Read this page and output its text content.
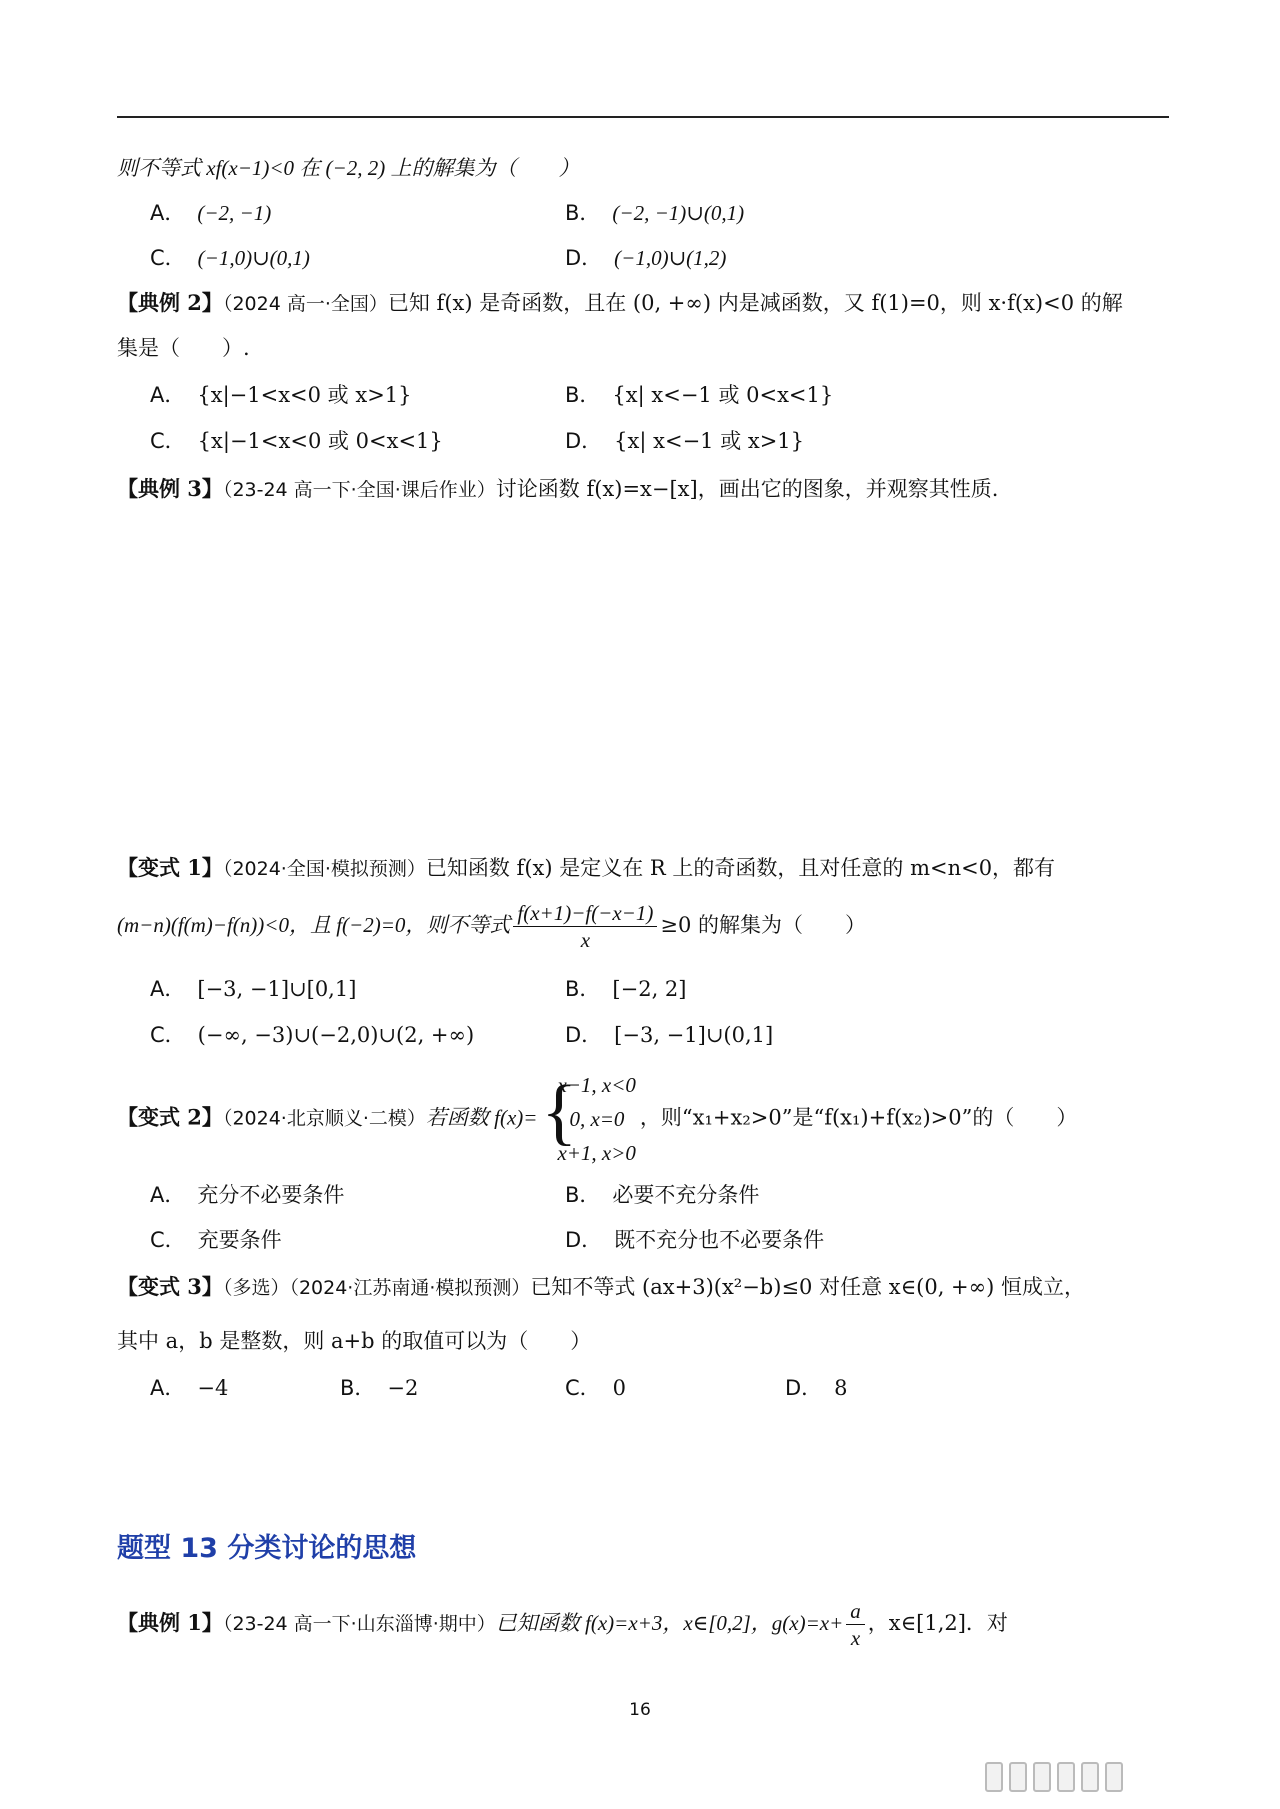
则不等式 xf(x−1)<0 在 (−2, 2) 上的解集为（　　）
A． (−2, −1)	B． (−2, −1)∪(0,1)
C． (−1,0)∪(0,1)	D． (−1,0)∪(1,2)
【典例 2】（2024 高一·全国）已知 f(x) 是奇函数，且在 (0, +∞) 内是减函数，又 f(1)=0，则 x·f(x)<0 的解
集是（　　）.
A． {x|−1<x<0 或 x>1}	B． {x| x<−1 或 0<x<1}
C． {x|−1<x<0 或 0<x<1}	D． {x| x<−1 或 x>1}
【典例 3】（23-24 高一下·全国·课后作业）讨论函数 f(x)=x−[x]，画出它的图象，并观察其性质.
【变式 1】（2024·全国·模拟预测）已知函数 f(x) 是定义在 R 上的奇函数，且对任意的 m<n<0，都有
(m−n)(f(m)−f(n))<0，且 f(−2)=0，则不等式 $\frac{f(x+1)-f(-x-1)}{x} \ge 0$ 的解集为（　　）
A． [−3, −1]∪[0,1]	B． [−2, 2]
C． (−∞, −3)∪(−2,0)∪(2, +∞)	D． [−3, −1]∪(0,1]
【变式 2】（2024·北京顺义·二模）若函数 f(x)= {
x−1, x<0
0, x=0
x+1, x>0
，则“x₁+x₂>0”是“f(x₁)+f(x₂)>0”的（　　）
A． 充分不必要条件	B． 必要不充分条件
C． 充要条件	D． 既不充分也不必要条件
【变式 3】（多选）（2024·江苏南通·模拟预测）已知不等式 (ax+3)(x²−b)≤0 对任意 x∈(0, +∞) 恒成立，
其中 a，b 是整数，则 a+b 的取值可以为（　　）
A． −4	B． −2	C． 0	D． 8
题型 13 分类讨论的思想
【典例 1】（23-24 高一下·山东淄博·期中）已知函数 f(x)=x+3，x∈[0,2]，$g(x)=x+ \frac{a}{x}$ ，x∈[1,2]．对
16
